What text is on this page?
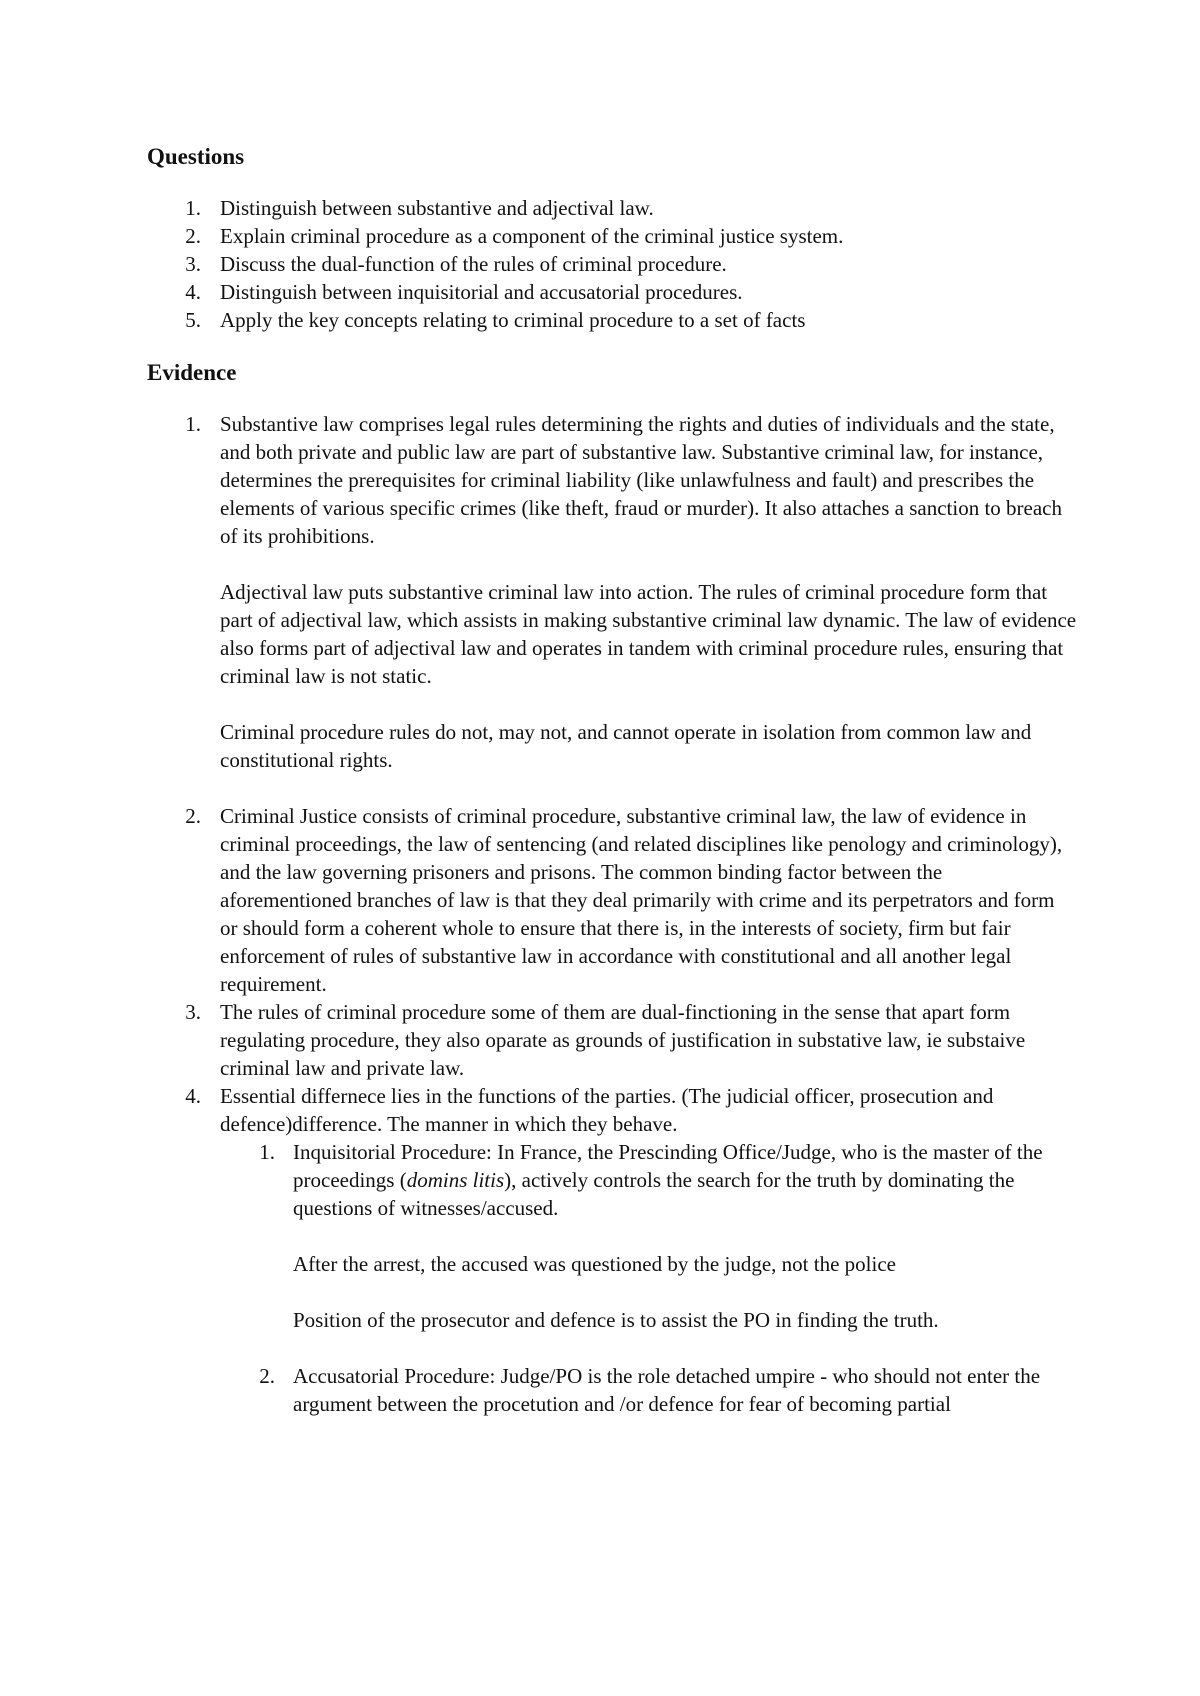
Questions
1. Distinguish between substantive and adjectival law.
2. Explain criminal procedure as a component of the criminal justice system.
3. Discuss the dual-function of the rules of criminal procedure.
4. Distinguish between inquisitorial and accusatorial procedures.
5. Apply the key concepts relating to criminal procedure to a set of facts
Evidence
1. Substantive law comprises legal rules determining the rights and duties of individuals and the state, and both private and public law are part of substantive law. Substantive criminal law, for instance, determines the prerequisites for criminal liability (like unlawfulness and fault) and prescribes the elements of various specific crimes (like theft, fraud or murder). It also attaches a sanction to breach of its prohibitions.

Adjectival law puts substantive criminal law into action. The rules of criminal procedure form that part of adjectival law, which assists in making substantive criminal law dynamic. The law of evidence also forms part of adjectival law and operates in tandem with criminal procedure rules, ensuring that criminal law is not static.

Criminal procedure rules do not, may not, and cannot operate in isolation from common law and constitutional rights.

2. Criminal Justice consists of criminal procedure, substantive criminal law, the law of evidence in criminal proceedings, the law of sentencing (and related disciplines like penology and criminology), and the law governing prisoners and prisons. The common binding factor between the aforementioned branches of law is that they deal primarily with crime and its perpetrators and form or should form a coherent whole to ensure that there is, in the interests of society, firm but fair enforcement of rules of substantive law in accordance with constitutional and all another legal requirement.
3. The rules of criminal procedure some of them are dual-finctioning in the sense that apart form regulating procedure, they also oparate as grounds of justification in substative law, ie substaive criminal law and private law.
4. Essential differnece lies in the functions of the parties. (The judicial officer, prosecution and defence)difference. The manner in which they behave.

1. Inquisitorial Procedure: In France, the Prescinding Office/Judge, who is the master of the proceedings (domins litis), actively controls the search for the truth by dominating the questions of witnesses/accused.

After the arrest, the accused was questioned by the judge, not the police

Position of the prosecutor and defence is to assist the PO in finding the truth.

2. Accusatorial Procedure: Judge/PO is the role detached umpire - who should not enter the argument between the procetution and /or defence for fear of becoming partial
